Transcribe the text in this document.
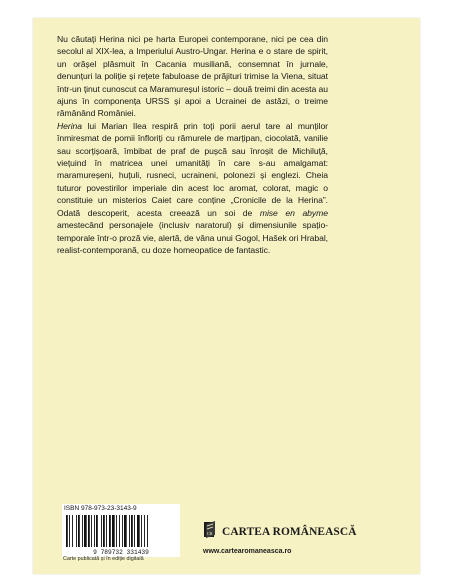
Nu căutați Herina nici pe harta Europei contemporane, nici pe cea din secolul al XIX-lea, a Imperiului Austro-Ungar. Herina e o stare de spirit, un orășel plăsmuit în Cacania musiliană, consemnat în jurnale, denunțuri la poliție și rețete fabuloase de prăjituri trimise la Viena, situat într-un ținut cunoscut ca Maramureșul istoric – două treimi din acesta au ajuns în componența URSS și apoi a Ucrainei de astăzi, o treime rămânând României.

Herina lui Marian Ilea respiră prin toți porii aerul tare al munților înmiresmat de pomii înfloriți cu rămurele de marțipan, ciocolată, vanilie sau scorțișoară, îmbibat de praf de pușcă sau înroșit de Michiluță, viețuind în matricea unei umanități în care s-au amalgamat: maramureșeni, huțuli, rusneci, ucraineni, polonezi și englezi. Cheia tuturor povestirilor imperiale din acest loc aromat, colorat, magic o constituie un misterios Caiet care conține „Cronicile de la Herina”. Odată descoperit, acesta creează un soi de mise en abyme amestecând personajele (inclusiv naratorul) și dimensiunile spațio-temporale într-o proză vie, alertă, de vâna unui Gogol, Hašek ori Hrabal, realist-contemporană, cu doze homeopatice de fantastic.

ISBN 978-973-23-3143-9
9 789732 331439
Carte publicată și în ediție digitală
CR CARTEA ROMÂNEASCĂ
www.cartearomaneasca.ro
